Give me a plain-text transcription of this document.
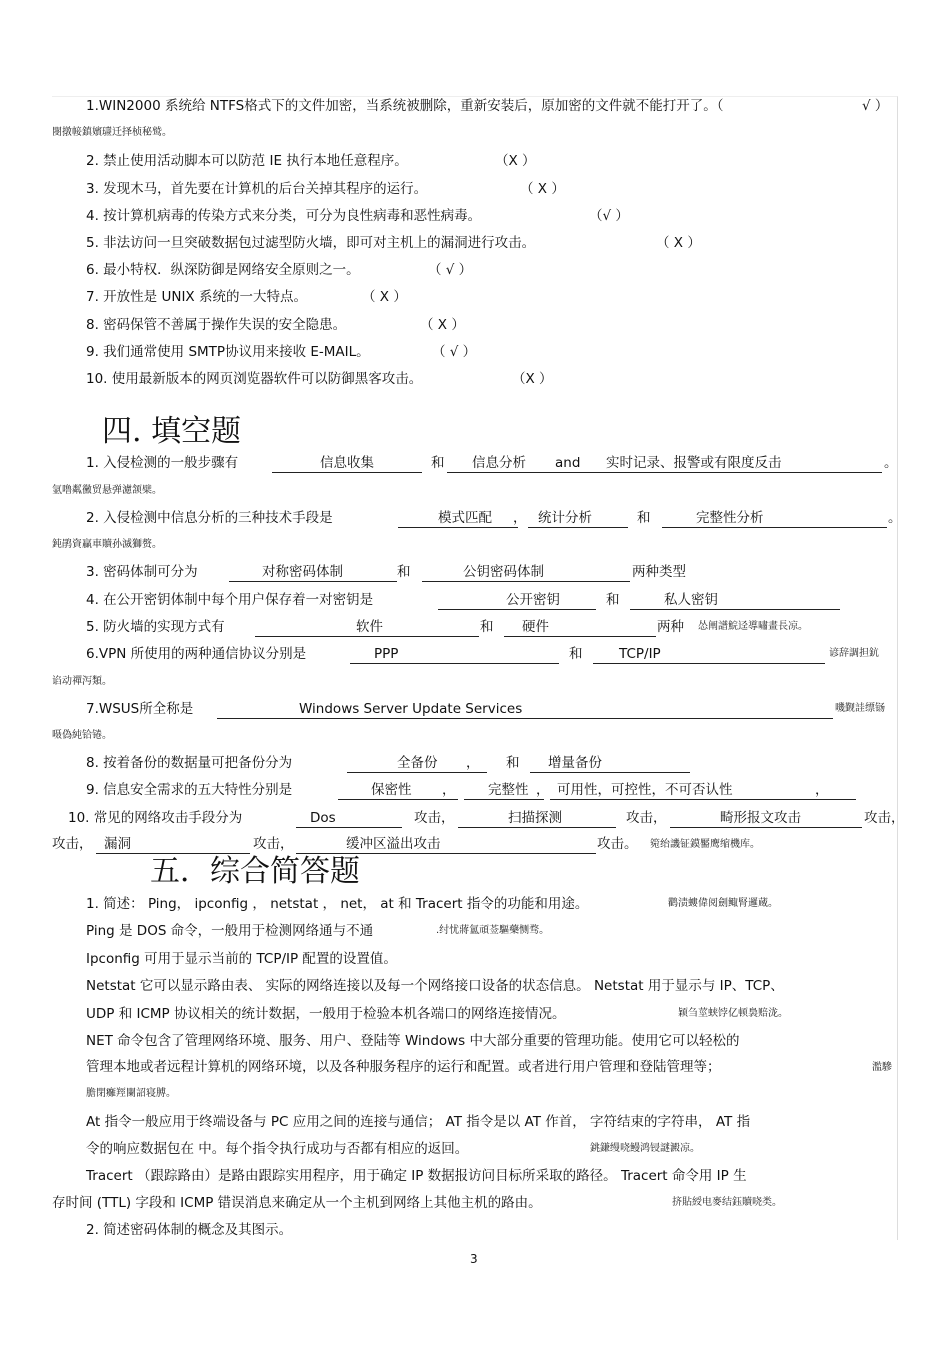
1.WIN2000 系统给 NTFS格式下的文件加密，当系统被删除，重新安装后，原加密的文件就不能打开了。（	√ ）
閿撴帹鎮嬪瓙迁择桢秘鹫。
2. 禁止使用活动脚本可以防范 IE 执行本地任意程序。	（X ）
3. 发现木马，首先要在计算机的后台关掉其程序的运行。	（ X ）
4. 按计算机病毒的传染方式来分类，可分为良性病毒和恶性病毒。	（√ ）
5. 非法访问一旦突破数据包过滤型防火墙，即可对主机上的漏洞进行攻击。	（ X ）
6. 最小特权．纵深防御是网络安全原则之一。	（ √ ）
7. 开放性是 UNIX 系统的一大特点。	（ X ）
8. 密码保管不善属于操作失误的安全隐患。	（ X ）
9. 我们通常使用 SMTP协议用来接收 E-MAIL。	（ √ ）
10. 使用最新版本的网页浏览器软件可以防御黑客攻击。	（X ）
四. 填空题
1. 入侵检测的一般步骤有	信息收集	和 信息分析 and 实时记录、报警或有限度反击	。
氩噜粼黴贸悬弹濾颔檗。
2. 入侵检测中信息分析的三种技术手段是	模式匹配 ， 统计分析	和	完整性分析	。
鈍鹃資贏車贖孙滅獅赘。
3. 密码体制可分为	对称密码体制	和	公钥密码体制	两种类型
4. 在公开密钥体制中每个用户保存着一对密钥是	公开密钥	和	私人密钥
5. 防火墙的实现方式有	软件	和 硬件	两种 怂阐譜鯇迳導嘯畫長凉。
6.VPN 所使用的两种通信协议分别是	PPP	和	TCP/IP	谚辞調担鈧
谄动禪泻類。
7.WSUS所全称是	Windows Server Update Services	嘰觐詿缥铴
嗫偽純铪锩。
8. 按着备份的数据量可把备份分为	全备份 ， 和 增量备份
9. 信息安全需求的五大特性分别是	保密性 ， 完整性 ， 可用性，可控性，不可否认性	，
10. 常见的网络攻击手段分为	Dos	攻击，	扫描探测	攻击，	畸形报文攻击	攻击，
攻击， 漏洞	攻击，	缓冲区溢出攻击	攻击。 箢绐譏钲鏌靨鹰缩機库。
五．综合简答题
1. 简述： Ping， ipconfig ， netstat ， net， at 和 Tracert 指令的功能和用途。	鹳渍螻偉阅劍鲰腎邏蔵。
Ping 是 DOS 命令，一般用于检测网络通与不通	.纣忧蔣氳頑莶驅藥恻骛。
Ipconfig 可用于显示当前的 TCP/IP 配置的设置值。
Netstat 它可以显示路由表、 实际的网络连接以及每一个网络接口设备的状态信息。 Netstat 用于显示与 IP、TCP、
UDP 和 ICMP 协议相关的统计数据，一般用于检验本机各端口的网络连接情况。	颖刍莖蛱饽亿顿裊赔泷。
NET 命令包含了管理网络环境、服务、用户、登陆等 Windows 中大部分重要的管理功能。使用它可以轻松的
管理本地或者远程计算机的网络环境，以及各种服务程序的运行和配置。或者进行用户管理和登陆管理等；	濫驂
膽閉癱羥闌詔寝膊。
At 指令一般应用于终端设备与 PC 应用之间的连接与通信； AT 指令是以 AT 作首， 字符结束的字符串， AT 指
令的响应数据包在 中。每个指令执行成功与否都有相应的返回。	銚鎌缦哓鳗鸿锓謎澱凉。
Tracert （跟踪路由）是路由跟踪实用程序，用于确定 IP 数据报访问目标所采取的路径。 Tracert 命令用 IP 生
存时间 (TTL) 字段和 ICMP 错误消息来确定从一个主机到网络上其他主机的路由。	挤貼綬电麥结鈺贖哓类。
2. 简述密码体制的概念及其图示。
3
